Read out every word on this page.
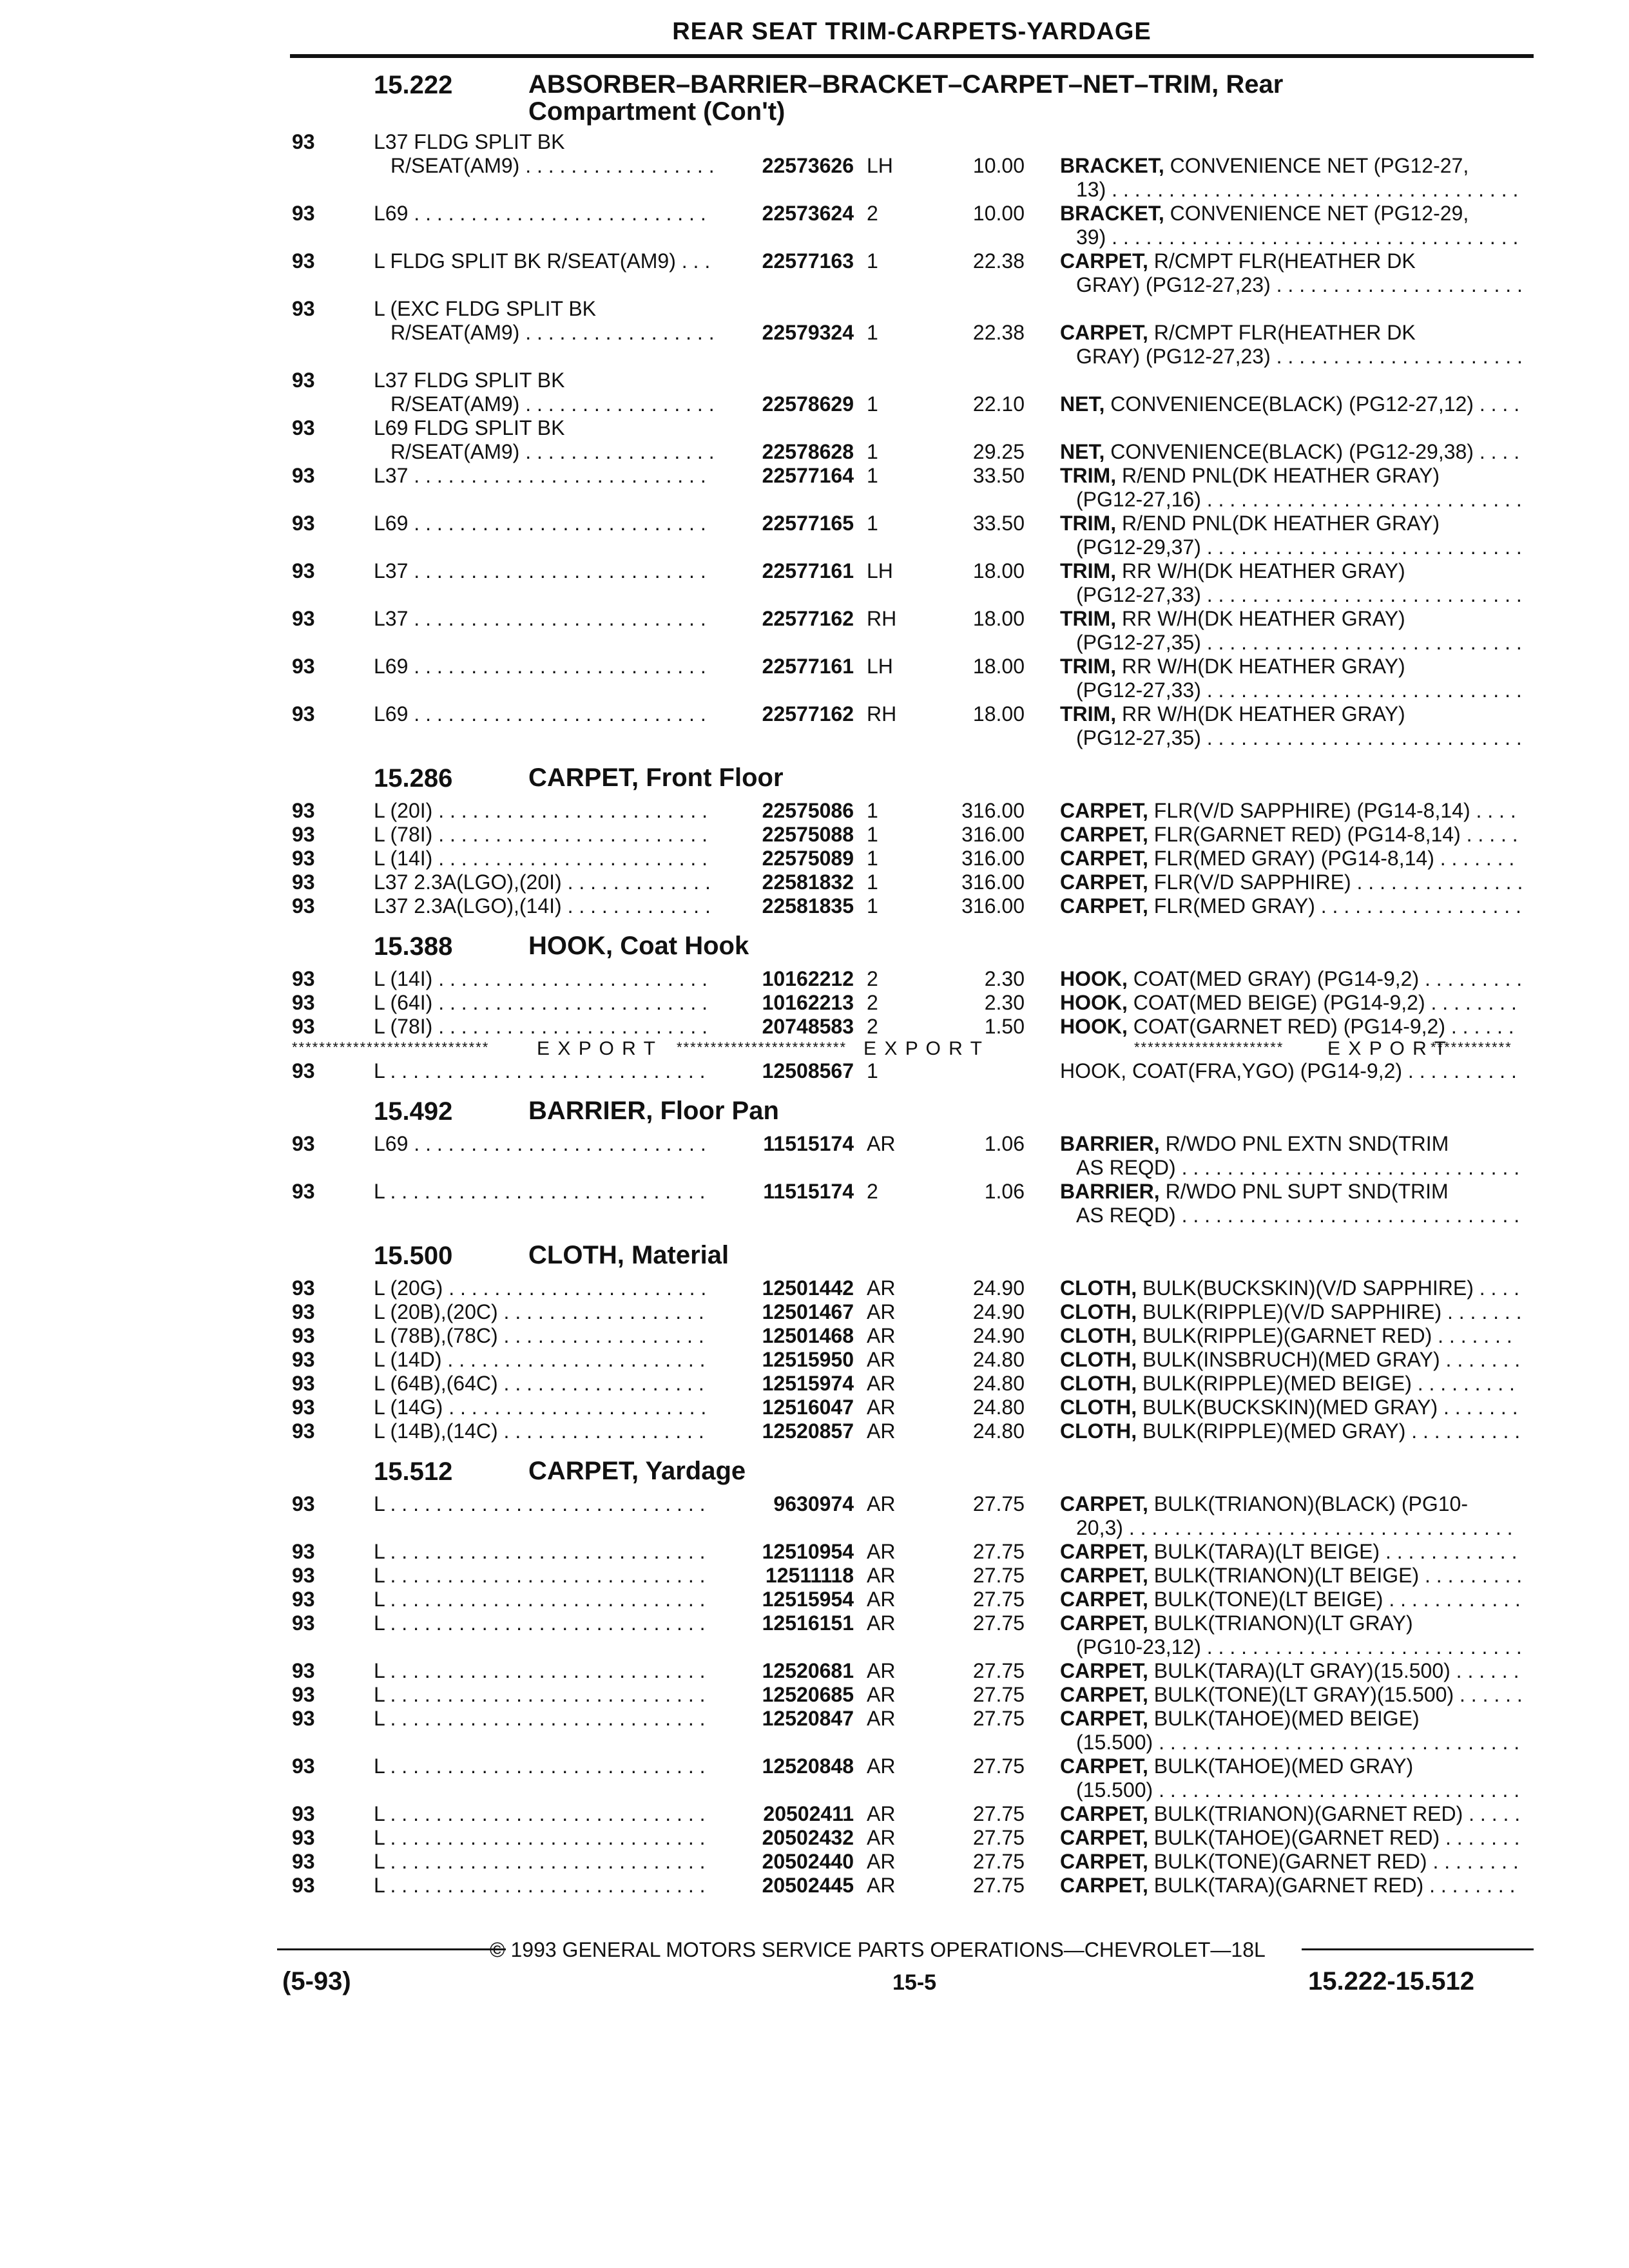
REAR SEAT TRIM-CARPETS-YARDAGE
15.222	ABSORBER–BARRIER–BRACKET–CARPET–NET–TRIM, Rear
Compartment (Con't)
93	L37 FLDG SPLIT BK
R/SEAT(AM9) . . . . . . . . . . . . . . . . .	22573626 LH	10.00 BRACKET, CONVENIENCE NET (PG12-27,
13) . . . . . . . . . . . . . . . . . . . . . . . . . . . . . . . . . . . .
93	L69 . . . . . . . . . . . . . . . . . . . . . . . . . .	22573624 2	10.00 BRACKET, CONVENIENCE NET (PG12-29,
39) . . . . . . . . . . . . . . . . . . . . . . . . . . . . . . . . . . . .
93	L FLDG SPLIT BK R/SEAT(AM9) . . .	22577163 1	22.38 CARPET, R/CMPT FLR(HEATHER DK
GRAY) (PG12-27,23) . . . . . . . . . . . . . . . . . . . . . .
93	L (EXC FLDG SPLIT BK
R/SEAT(AM9) . . . . . . . . . . . . . . . . .	22579324 1	22.38 CARPET, R/CMPT FLR(HEATHER DK
GRAY) (PG12-27,23) . . . . . . . . . . . . . . . . . . . . . .
93	L37 FLDG SPLIT BK
R/SEAT(AM9) . . . . . . . . . . . . . . . . .	22578629 1	22.10 NET, CONVENIENCE(BLACK) (PG12-27,12) . . . .
93	L69 FLDG SPLIT BK
R/SEAT(AM9) . . . . . . . . . . . . . . . . .	22578628 1	29.25 NET, CONVENIENCE(BLACK) (PG12-29,38) . . . .
93	L37 . . . . . . . . . . . . . . . . . . . . . . . . . .	22577164 1	33.50 TRIM, R/END PNL(DK HEATHER GRAY)
(PG12-27,16) . . . . . . . . . . . . . . . . . . . . . . . . . . . .
93	L69 . . . . . . . . . . . . . . . . . . . . . . . . . .	22577165 1	33.50 TRIM, R/END PNL(DK HEATHER GRAY)
(PG12-29,37) . . . . . . . . . . . . . . . . . . . . . . . . . . . .
93	L37 . . . . . . . . . . . . . . . . . . . . . . . . . .	22577161 LH	18.00 TRIM, RR W/H(DK HEATHER GRAY)
(PG12-27,33) . . . . . . . . . . . . . . . . . . . . . . . . . . . .
93	L37 . . . . . . . . . . . . . . . . . . . . . . . . . .	22577162 RH	18.00 TRIM, RR W/H(DK HEATHER GRAY)
(PG12-27,35) . . . . . . . . . . . . . . . . . . . . . . . . . . . .
93	L69 . . . . . . . . . . . . . . . . . . . . . . . . . .	22577161 LH	18.00 TRIM, RR W/H(DK HEATHER GRAY)
(PG12-27,33) . . . . . . . . . . . . . . . . . . . . . . . . . . . .
93	L69 . . . . . . . . . . . . . . . . . . . . . . . . . .	22577162 RH	18.00 TRIM, RR W/H(DK HEATHER GRAY)
(PG12-27,35) . . . . . . . . . . . . . . . . . . . . . . . . . . . .
15.286	CARPET, Front Floor
93	L (20I) . . . . . . . . . . . . . . . . . . . . . . . .	22575086 1	316.00 CARPET, FLR(V/D SAPPHIRE) (PG14-8,14) . . . .
93	L (78I) . . . . . . . . . . . . . . . . . . . . . . . .	22575088 1	316.00 CARPET, FLR(GARNET RED) (PG14-8,14) . . . . .
93	L (14I) . . . . . . . . . . . . . . . . . . . . . . . .	22575089 1	316.00 CARPET, FLR(MED GRAY) (PG14-8,14) . . . . . . .
93	L37 2.3A(LGO),(20I) . . . . . . . . . . . . .	22581832 1	316.00 CARPET, FLR(V/D SAPPHIRE) . . . . . . . . . . . . . . .
93	L37 2.3A(LGO),(14I) . . . . . . . . . . . . .	22581835 1	316.00 CARPET, FLR(MED GRAY) . . . . . . . . . . . . . . . . . .
15.388	HOOK, Coat Hook
93	L (14I) . . . . . . . . . . . . . . . . . . . . . . . .	10162212 2	2.30 HOOK, COAT(MED GRAY) (PG14-9,2) . . . . . . . . .
93	L (64I) . . . . . . . . . . . . . . . . . . . . . . . .	10162213 2	2.30 HOOK, COAT(MED BEIGE) (PG14-9,2) . . . . . . . .
93	L (78I) . . . . . . . . . . . . . . . . . . . . . . . .	20748583 2	1.50 HOOK, COAT(GARNET RED) (PG14-9,2) . . . . . .
E X P O R T	E X P O R T	E X P O R T
*****************************	*************************	**********************	************
93	L . . . . . . . . . . . . . . . . . . . . . . . . . . . .	12508567 1	HOOK, COAT(FRA,YGO) (PG14-9,2) . . . . . . . . . .
15.492	BARRIER, Floor Pan
93	L69 . . . . . . . . . . . . . . . . . . . . . . . . . .	11515174 AR	1.06 BARRIER, R/WDO PNL EXTN SND(TRIM
AS REQD) . . . . . . . . . . . . . . . . . . . . . . . . . . . . . .
93	L . . . . . . . . . . . . . . . . . . . . . . . . . . . .	11515174 2	1.06 BARRIER, R/WDO PNL SUPT SND(TRIM
AS REQD) . . . . . . . . . . . . . . . . . . . . . . . . . . . . . .
15.500	CLOTH, Material
93	L (20G) . . . . . . . . . . . . . . . . . . . . . . .	12501442 AR	24.90 CLOTH, BULK(BUCKSKIN)(V/D SAPPHIRE) . . . .
93	L (20B),(20C) . . . . . . . . . . . . . . . . . .	12501467 AR	24.90 CLOTH, BULK(RIPPLE)(V/D SAPPHIRE) . . . . . . .
93	L (78B),(78C) . . . . . . . . . . . . . . . . . .	12501468 AR	24.90 CLOTH, BULK(RIPPLE)(GARNET RED) . . . . . . .
93	L (14D) . . . . . . . . . . . . . . . . . . . . . . .	12515950 AR	24.80 CLOTH, BULK(INSBRUCH)(MED GRAY) . . . . . . .
93	L (64B),(64C) . . . . . . . . . . . . . . . . . .	12515974 AR	24.80 CLOTH, BULK(RIPPLE)(MED BEIGE) . . . . . . . . .
93	L (14G) . . . . . . . . . . . . . . . . . . . . . . .	12516047 AR	24.80 CLOTH, BULK(BUCKSKIN)(MED GRAY) . . . . . . .
93	L (14B),(14C) . . . . . . . . . . . . . . . . . .	12520857 AR	24.80 CLOTH, BULK(RIPPLE)(MED GRAY) . . . . . . . . . .
15.512	CARPET, Yardage
93	L . . . . . . . . . . . . . . . . . . . . . . . . . . . .	9630974 AR	27.75 CARPET, BULK(TRIANON)(BLACK) (PG10-
20,3) . . . . . . . . . . . . . . . . . . . . . . . . . . . . . . . . . .
93	L . . . . . . . . . . . . . . . . . . . . . . . . . . . .	12510954 AR	27.75 CARPET, BULK(TARA)(LT BEIGE) . . . . . . . . . . . .
93	L . . . . . . . . . . . . . . . . . . . . . . . . . . . .	12511118 AR	27.75 CARPET, BULK(TRIANON)(LT BEIGE) . . . . . . . . .
93	L . . . . . . . . . . . . . . . . . . . . . . . . . . . .	12515954 AR	27.75 CARPET, BULK(TONE)(LT BEIGE) . . . . . . . . . . . .
93	L . . . . . . . . . . . . . . . . . . . . . . . . . . . .	12516151 AR	27.75 CARPET, BULK(TRIANON)(LT GRAY)
(PG10-23,12) . . . . . . . . . . . . . . . . . . . . . . . . . . . .
93	L . . . . . . . . . . . . . . . . . . . . . . . . . . . .	12520681 AR	27.75 CARPET, BULK(TARA)(LT GRAY)(15.500) . . . . . .
93	L . . . . . . . . . . . . . . . . . . . . . . . . . . . .	12520685 AR	27.75 CARPET, BULK(TONE)(LT GRAY)(15.500) . . . . . .
93	L . . . . . . . . . . . . . . . . . . . . . . . . . . . .	12520847 AR	27.75 CARPET, BULK(TAHOE)(MED BEIGE)
(15.500) . . . . . . . . . . . . . . . . . . . . . . . . . . . . . . . .
93	L . . . . . . . . . . . . . . . . . . . . . . . . . . . .	12520848 AR	27.75 CARPET, BULK(TAHOE)(MED GRAY)
(15.500) . . . . . . . . . . . . . . . . . . . . . . . . . . . . . . . .
93	L . . . . . . . . . . . . . . . . . . . . . . . . . . . .	20502411 AR	27.75 CARPET, BULK(TRIANON)(GARNET RED) . . . . .
93	L . . . . . . . . . . . . . . . . . . . . . . . . . . . .	20502432 AR	27.75 CARPET, BULK(TAHOE)(GARNET RED) . . . . . . .
93	L . . . . . . . . . . . . . . . . . . . . . . . . . . . .	20502440 AR	27.75 CARPET, BULK(TONE)(GARNET RED) . . . . . . . .
93	L . . . . . . . . . . . . . . . . . . . . . . . . . . . .	20502445 AR	27.75 CARPET, BULK(TARA)(GARNET RED) . . . . . . . .
© 1993 GENERAL MOTORS SERVICE PARTS OPERATIONS—CHEVROLET—18L
(5-93)	15-5	15.222-15.512
